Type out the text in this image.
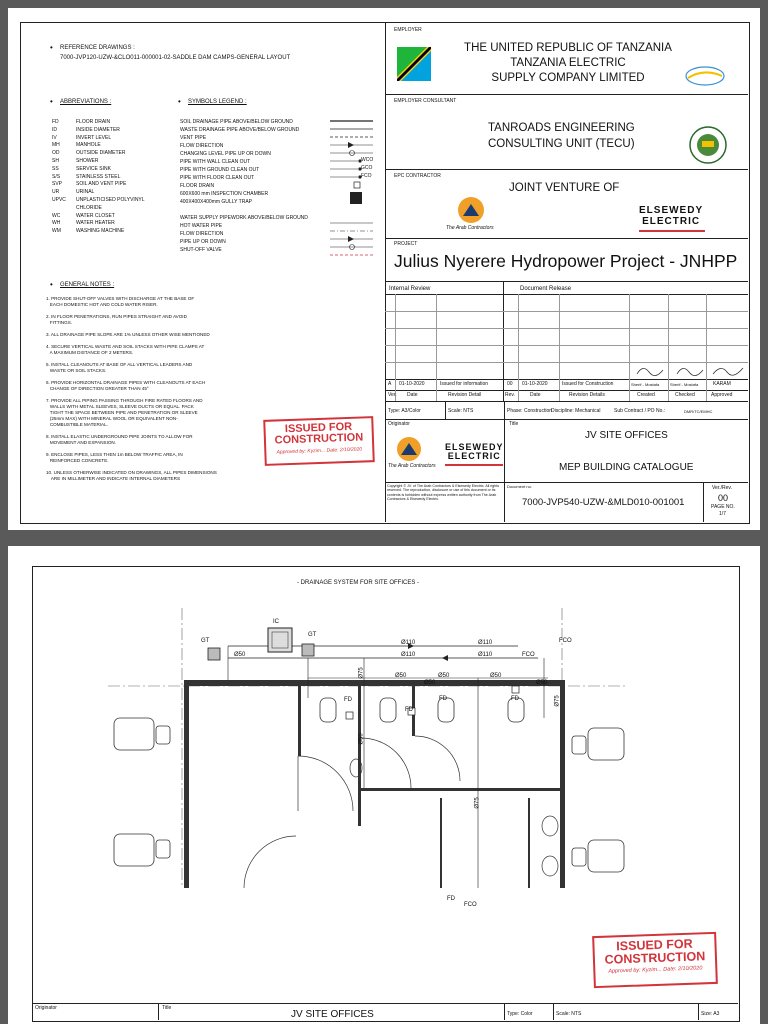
• REFERENCE DRAWINGS :
7000-JVP120-UZW-&CLO011-000001-02-SADDLE DAM CAMPS-GENERAL LAYOUT
• ABBREVIATIONS :
FD	FLOOR DRAIN
ID	INSIDE DIAMETER
IV	INVERT LEVEL
MH	MANHOLE
OD	OUTSIDE DIAMETER
SH	SHOWER
SS	SERVICE SINK
S/S	STAINLESS STEEL
SVP	SOIL AND VENT PIPE
UR	URINAL
UPVC UNPLASTICISED POLYVINYL
CHLORIDE
WC	WATER CLOSET
WH	WATER HEATER
WM	WASHING MACHINE
• SYMBOLS LEGEND :
SOIL DRAINAGE PIPE ABOVE/BELOW GROUND
WASTE DRAINAGE PIPE ABOVE/BELOW GROUND
VENT PIPE
FLOW DIRECTION
CHANGING LEVEL PIPE UP OR DOWN
PIPE WITH WALL CLEAN OUT
PIPE WITH GROUND CLEAN OUT
PIPE WITH FLOOR CLEAN OUT
FLOOR DRAIN
600X600 mm INSPECTION CHAMBER
400X400X400mm GULLY TRAP
WATER SUPPLY PIPEWORK ABOVE/BELOW GROUND
HOT WATER PIPE
FLOW DIRECTION
PIPE UP OR DOWN
SHUT-OFF VALVE
WCO
GCO
FCO
• GENERAL NOTES :
1. PROVIDE SHUT-OFF VALVES WITH DISCHARGE AT THE BASE OF
EACH DOMESTIC HOT AND COLD WATER RISER.
2. IN FLOOR PENETRATIONS, RUN PIPES STRAIGHT AND AVOID
FITTINGS.
3. ALL DRAINAGE PIPE SLOPE ARE 1% UNLESS OTHER WISE MENTIONED
4. SECURE VERTICAL WASTE AND SOIL STACKS WITH PIPE CLAMPS AT
A MAXIMUM DISTANCE OF 2 METERS.
5. INSTALL CLEANOUTS AT BASE OF ALL VERTICAL LEADERS AND
WASTE OR SOIL STACKS.
6. PROVIDE HORIZONTAL DRAINAGE PIPES WITH CLEANOUTS AT EACH
CHANGE OF DIRECTION GREATER THAN 45°
7. PROVIDE ALL PIPING PASSING THROUGH FIRE RATED FLOORS AND
WALLS WITH METAL SLEEVES, SLEEVE DUCTS OR EQUAL. PACK
TIGHT THE SPACE BETWEEN PIPE AND PENETRATION OR SLEEVE
(25mm MAX) WITH MINERAL WOOL OR EQUIVALENT NON-
COMBUSTIBLE MATERIAL.
8. INSTALL ELASTIC UNDERGROUND PIPE JOINTS TO ALLOW FOR
MOVEMENT AND EXPANSION.
9. ENCLOSE PIPES, LESS THEN 1m BELOW TRAFFIC AREA, IN
REINFORCED CONCRETE.
10. UNLESS OTHERWISE INDICATED ON DRAWINGS, ALL PIPES DIMENSIONS
ARE IN MILLIMETER AND INDICATE INTERNAL DIAMETERS
ISSUED FOR
CONSTRUCTION
Approved by: Kyzim... Date: 2/10/2020
EMPLOYER
THE UNITED REPUBLIC OF TANZANIA
TANZANIA ELECTRIC
SUPPLY COMPANY LIMITED
EMPLOYER CONSULTANT
TANROADS ENGINEERING
CONSULTING UNIT (TECU)
EPC CONTRACTOR
JOINT VENTURE OF
The Arab Contractors
ELSEWEDY
ELECTRIC
PROJECT
Julius Nyerere Hydropower Project - JNHPP
Internal Review	Document Release
A 01-10-2020	Issued for information	00 01-10-2020	Issued for Construction	Sherif - Mostafa	Sherif - Mostafa	KARAM
Ver. Date	Revision Detail	Rev.	Date	Revision Details	Created	Checked	Approved
Type: A3/Color	Scale: NTS	Phase: Construction
Discipline: Mechanical	Sub Contract / PO No.:	DMR/TC/EMHC
Originator
The Arab Contractors
ELSEWEDY
ELECTRIC
Title
JV SITE OFFICES
MEP BUILDING CATALOGUE
Copyright © JV. of The Arab Contractors & Elsewedy Electric. All rights reserved. The reproduction, disclosure or use of this document or its contents is forbidden without express written authority from The Arab Contractors & Elsewedy Electric.
Document no.
7000-JVP540-UZW-&MLD010-001001
Ver./Rev.
00
PAGE NO.
1/7
- DRAINAGE SYSTEM FOR SITE OFFICES -
IC
GT
GT
FCO
FCO
Ø110	Ø110
Ø110	Ø110
Ø50
Ø50	Ø50	Ø50
Ø50	Ø50
Ø50
Ø75
Ø75
Ø75
FD	FD
FD
FD
FD
FCO
ISSUED FOR
CONSTRUCTION
Approved by: Kyzim... Date: 2/10/2020
Originator	Title
JV SITE OFFICES	Type: Color	Scale: NTS	Size: A3
